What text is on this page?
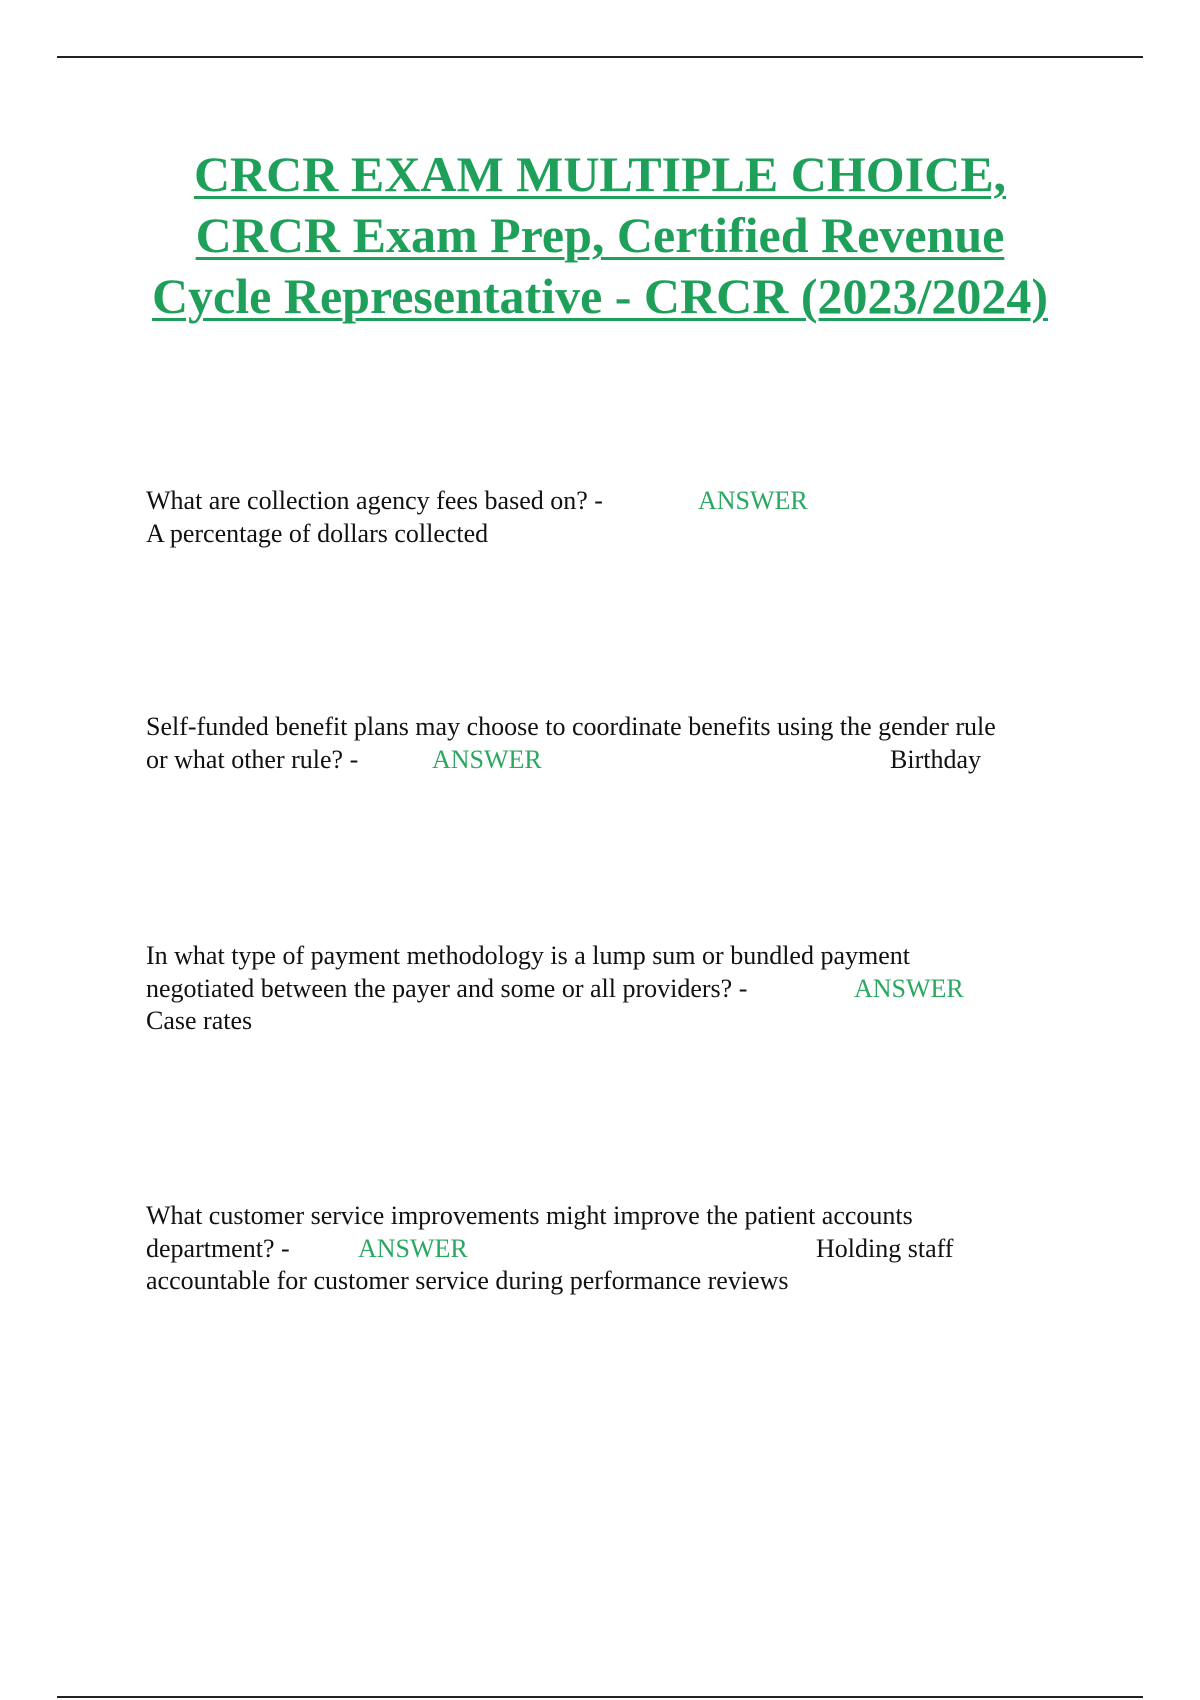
CRCR EXAM MULTIPLE CHOICE,
CRCR Exam Prep, Certified Revenue
Cycle Representative - CRCR (2023/2024)
What are collection agency fees based on? -	ANSWER
A percentage of dollars collected
Self-funded benefit plans may choose to coordinate benefits using the gender rule
or what other rule? -	ANSWER	Birthday
In what type of payment methodology is a lump sum or bundled payment
negotiated between the payer and some or all providers? -	ANSWER
Case rates
What customer service improvements might improve the patient accounts
department? -	ANSWER	Holding staff
accountable for customer service during performance reviews
